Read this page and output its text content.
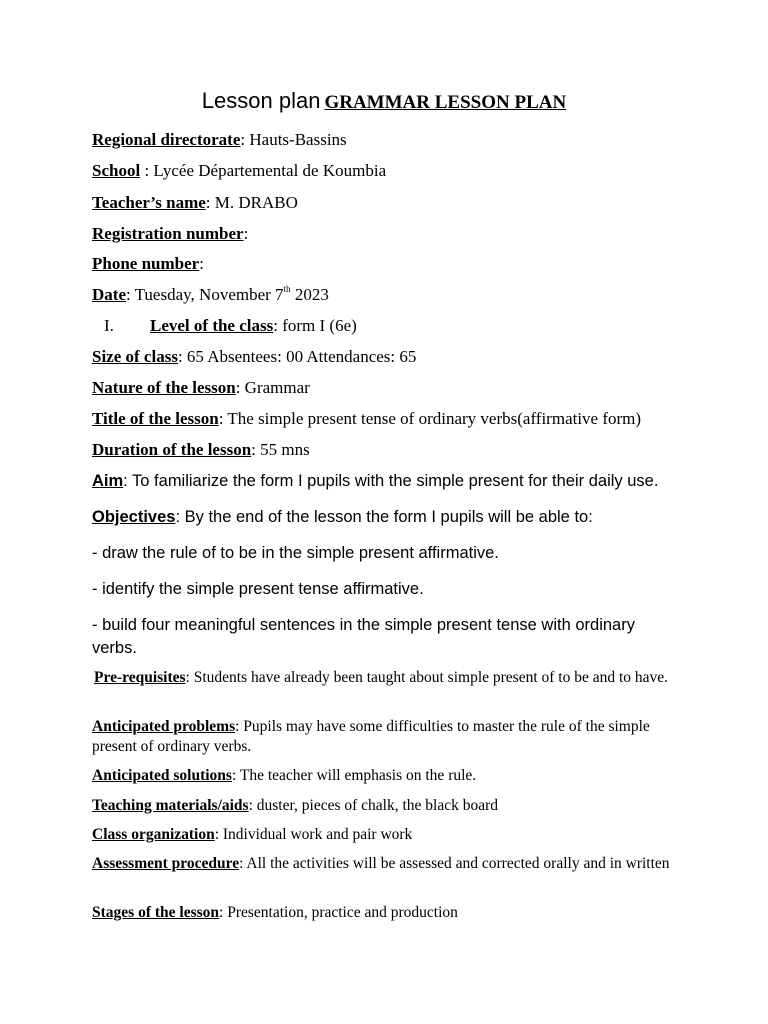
Lesson plan GRAMMAR LESSON PLAN
Regional directorate: Hauts-Bassins
School : Lycée Départemental de Koumbia
Teacher’s name: M. DRABO
Registration number:
Phone number:
Date: Tuesday, November 7th 2023
I. Level of the class: form I (6e)
Size of class: 65 Absentees: 00 Attendances: 65
Nature of the lesson: Grammar
Title of the lesson: The simple present tense of ordinary verbs(affirmative form)
Duration of the lesson: 55 mns
Aim: To familiarize the form I pupils with the simple present for their daily use.
Objectives: By the end of the lesson the form I pupils will be able to:
- draw the rule of to be in the simple present affirmative.
- identify the simple present tense affirmative.
- build four meaningful sentences in the simple present tense with ordinary
verbs.
Pre-requisites: Students have already been taught about simple present of to be and to have.
Anticipated problems: Pupils may have some difficulties to master the rule of the simple present of ordinary verbs.
Anticipated solutions: The teacher will emphasis on the rule.
Teaching materials/aids: duster, pieces of chalk, the black board
Class organization: Individual work and pair work
Assessment procedure: All the activities will be assessed and corrected orally and in written
Stages of the lesson: Presentation, practice and production
